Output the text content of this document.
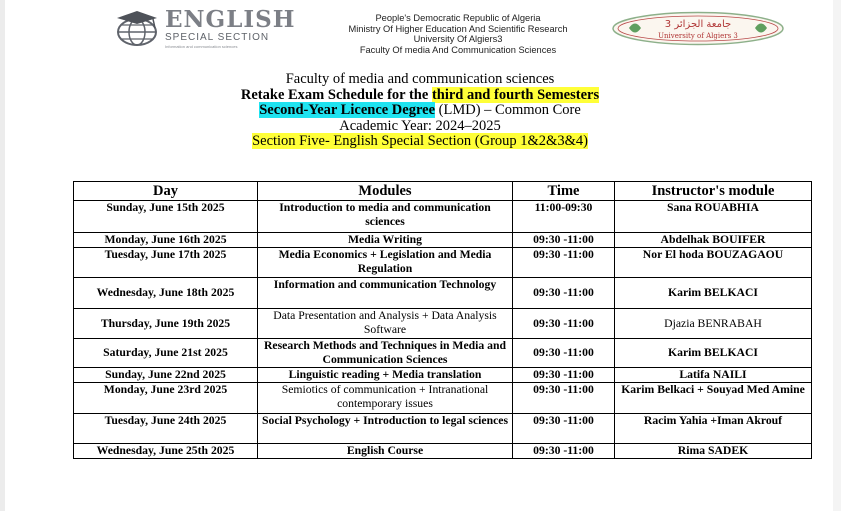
ENGLISH
SPECIAL SECTION
Information and communication sciences
People's Democratic Republic of Algeria
Ministry Of Higher Education And Scientific Research
University Of Algiers3
Faculty Of media And Communication Sciences
جامعة الجزائر 3
University of Algiers 3
Faculty of media and communication sciences
Retake Exam Schedule for the third and fourth Semesters
Second-Year Licence Degree (LMD) – Common Core
Academic Year: 2024–2025
Section Five- English Special Section (Group 1&2&3&4)
Day	Modules	Time	Instructor's module
Sunday, June 15th 2025	Introduction to media and communication sciences	11:00-09:30	Sana ROUABHIA
Monday, June 16th 2025	Media Writing	09:30 -11:00	Abdelhak BOUIFER
Tuesday, June 17th 2025	Media Economics + Legislation and Media Regulation	09:30 -11:00	Nor El hoda BOUZAGAOU
Wednesday, June 18th 2025	Information and communication Technology	09:30 -11:00	Karim BELKACI
Thursday, June 19th 2025	Data Presentation and Analysis + Data Analysis Software	09:30 -11:00	Djazia BENRABAH
Saturday, June 21st 2025	Research Methods and Techniques in Media and Communication Sciences	09:30 -11:00	Karim BELKACI
Sunday, June 22nd 2025	Linguistic reading + Media translation	09:30 -11:00	Latifa NAILI
Monday, June 23rd 2025	Semiotics of communication + Intranational contemporary issues	09:30 -11:00	Karim Belkaci + Souyad Med Amine
Tuesday, June 24th 2025	Social Psychology + Introduction to legal sciences	09:30 -11:00	Racim Yahia +Iman Akrouf
Wednesday, June 25th 2025	English Course	09:30 -11:00	Rima SADEK
